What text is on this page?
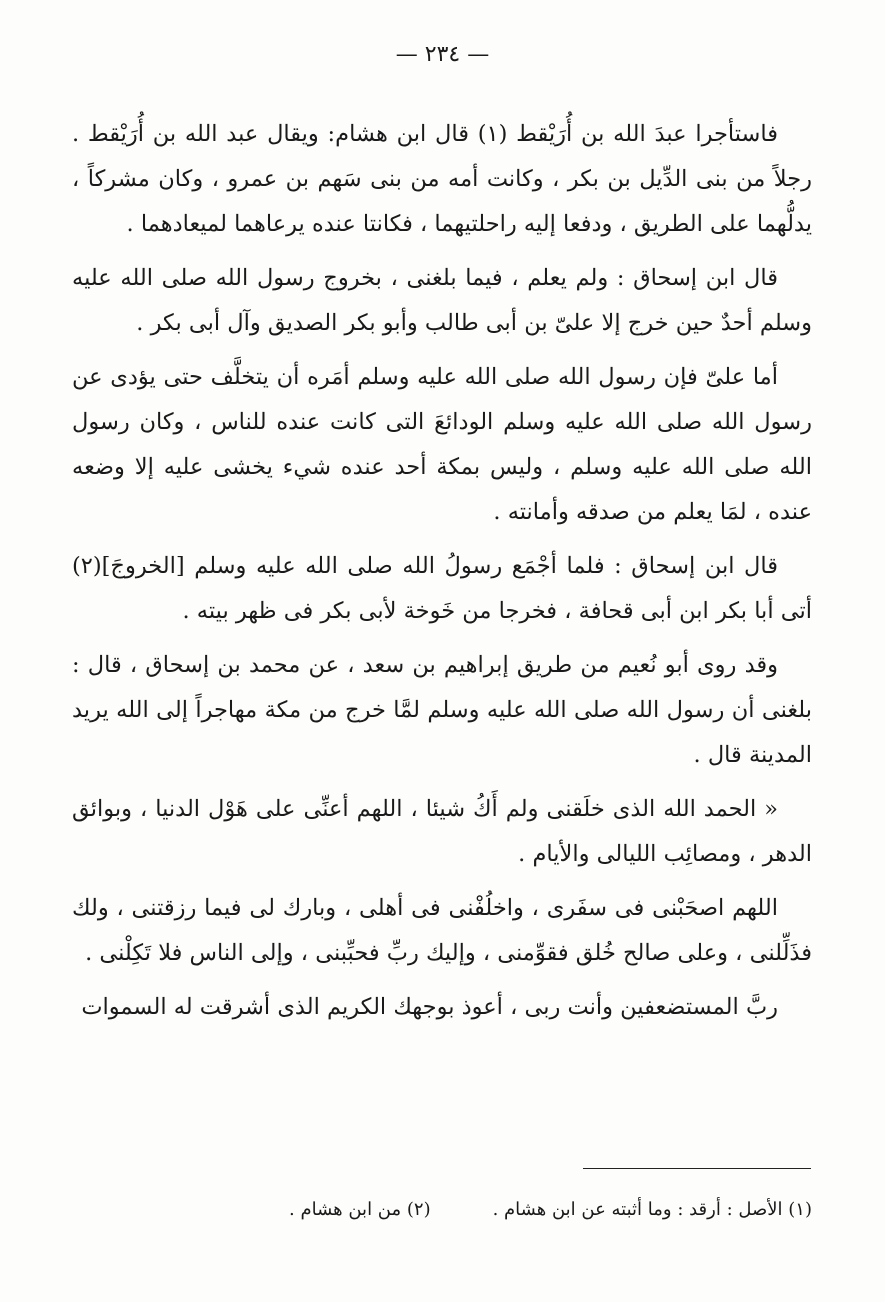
— ٢٣٤ —

فاستأجرا عبدَ الله بن أُرَيْقط (١) قال ابن هشام: ويقال عبد الله بن أُرَيْقط . رجلاً من بنى الدِّيل بن بكر ، وكانت أمه من بنى سَهم بن عمرو ، وكان مشركاً ، يدلُّهما على الطريق ، ودفعا إليه راحلتيهما ، فكانتا عنده يرعاهما لميعادهما .

قال ابن إسحاق : ولم يعلم ، فيما بلغنى ، بخروج رسول الله صلى الله عليه وسلم أحدٌ حين خرج إلا علىّ بن أبى طالب وأبو بكر الصديق وآل أبى بكر .

أما علىّ فإن رسول الله صلى الله عليه وسلم أمَره أن يتخلَّف حتى يؤدى عن رسول الله صلى الله عليه وسلم الودائعَ التى كانت عنده للناس ، وكان رسول الله صلى الله عليه وسلم ، وليس بمكة أحد عنده شيء يخشى عليه إلا وضعه عنده ، لمَا يعلم من صدقه وأمانته .

قال ابن إسحاق : فلما أجْمَع رسولُ الله صلى الله عليه وسلم [الخروجَ](٢) أتى أبا بكر ابن أبى قحافة ، فخرجا من خَوخة لأبى بكر فى ظهر بيته .

وقد روى أبو نُعيم من طريق إبراهيم بن سعد ، عن محمد بن إسحاق ، قال : بلغنى أن رسول الله صلى الله عليه وسلم لمَّا خرج من مكة مهاجراً إلى الله يريد المدينة قال .

« الحمد الله الذى خلَقنى ولم أَكُ شيئا ، اللهم أعنِّى على هَوْل الدنيا ، وبوائق الدهر ، ومصائِب الليالى والأيام .

اللهم اصحَبْنى فى سفَرى ، واخلُفْنى فى أهلى ، وبارك لى فيما رزقتنى ، ولك فذَلِّلنى ، وعلى صالح خُلق فقوِّمنى ، وإليك ربِّ فحبِّبنى ، وإلى الناس فلا تَكِلْنى .

ربَّ المستضعفين وأنت ربى ، أعوذ بوجهك الكريم الذى أشرقت له السموات

(١) الأصل : أرقد : وما أثبته عن ابن هشام .(٢) من ابن هشام .
